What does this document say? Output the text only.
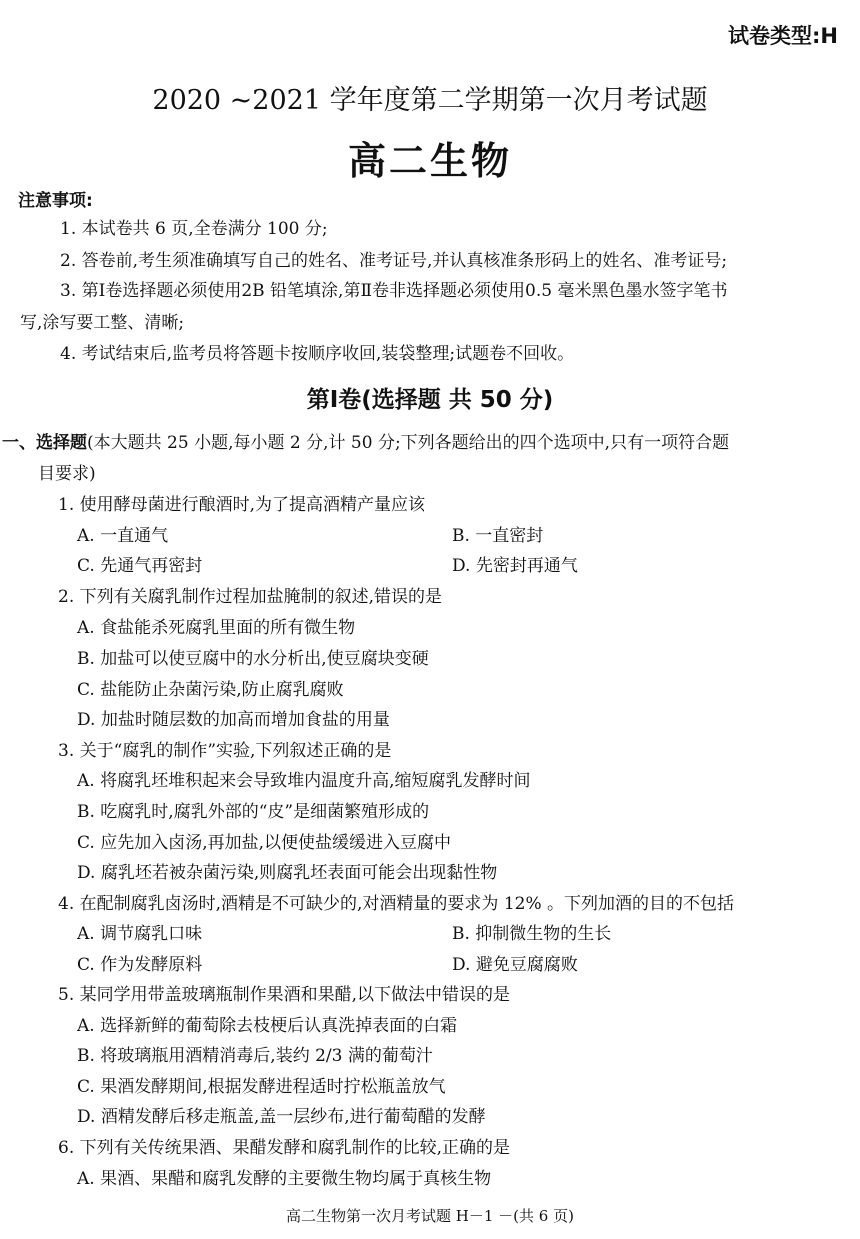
试卷类型:H
2020 ~2021 学年度第二学期第一次月考试题
高二生物
注意事项:
1. 本试卷共 6 页,全卷满分 100 分;
2. 答卷前,考生须准确填写自己的姓名、准考证号,并认真核准条形码上的姓名、准考证号;
3. 第Ⅰ卷选择题必须使用2B 铅笔填涂,第Ⅱ卷非选择题必须使用0.5 毫米黑色墨水签字笔书
写,涂写要工整、清晰;
4. 考试结束后,监考员将答题卡按顺序收回,装袋整理;试题卷不回收。
第Ⅰ卷(选择题 共 50 分)
一、选择题(本大题共 25 小题,每小题 2 分,计 50 分;下列各题给出的四个选项中,只有一项符合题
目要求)
1. 使用酵母菌进行酿酒时,为了提高酒精产量应该
A. 一直通气	B. 一直密封
C. 先通气再密封	D. 先密封再通气
2. 下列有关腐乳制作过程加盐腌制的叙述,错误的是
A. 食盐能杀死腐乳里面的所有微生物
B. 加盐可以使豆腐中的水分析出,使豆腐块变硬
C. 盐能防止杂菌污染,防止腐乳腐败
D. 加盐时随层数的加高而增加食盐的用量
3. 关于“腐乳的制作”实验,下列叙述正确的是
A. 将腐乳坯堆积起来会导致堆内温度升高,缩短腐乳发酵时间
B. 吃腐乳时,腐乳外部的“皮”是细菌繁殖形成的
C. 应先加入卤汤,再加盐,以便使盐缓缓进入豆腐中
D. 腐乳坯若被杂菌污染,则腐乳坯表面可能会出现黏性物
4. 在配制腐乳卤汤时,酒精是不可缺少的,对酒精量的要求为 12% 。下列加酒的目的不包括
A. 调节腐乳口味	B. 抑制微生物的生长
C. 作为发酵原料	D. 避免豆腐腐败
5. 某同学用带盖玻璃瓶制作果酒和果醋,以下做法中错误的是
A. 选择新鲜的葡萄除去枝梗后认真洗掉表面的白霜
B. 将玻璃瓶用酒精消毒后,装约 2/3 满的葡萄汁
C. 果酒发酵期间,根据发酵进程适时拧松瓶盖放气
D. 酒精发酵后移走瓶盖,盖一层纱布,进行葡萄醋的发酵
6. 下列有关传统果酒、果醋发酵和腐乳制作的比较,正确的是
A. 果酒、果醋和腐乳发酵的主要微生物均属于真核生物
高二生物第一次月考试题 H－1 －(共 6 页)
